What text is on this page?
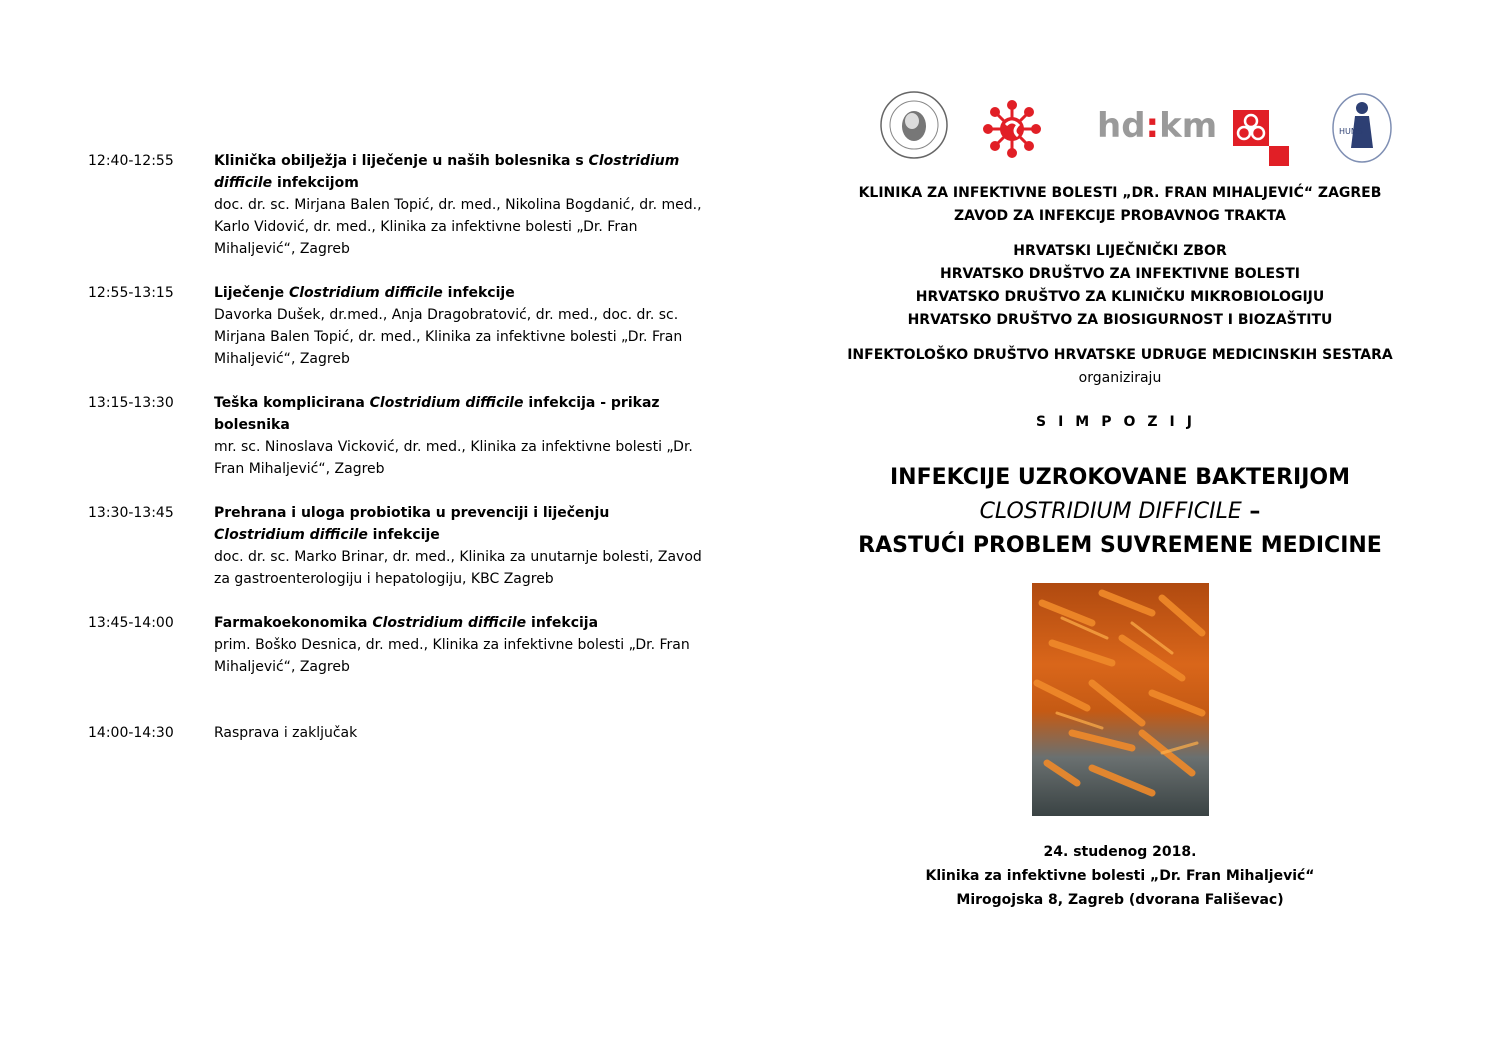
12:40-12:55	Klinička obilježja i liječenje u naših bolesnika s Clostridium difficile infekcijom
doc. dr. sc. Mirjana Balen Topić, dr. med., Nikolina Bogdanić, dr. med., Karlo Vidović, dr. med., Klinika za infektivne bolesti „Dr. Fran Mihaljević“, Zagreb
12:55-13:15	Liječenje Clostridium difficile infekcije
Davorka Dušek, dr.med., Anja Dragobratović, dr. med., doc. dr. sc. Mirjana Balen Topić, dr. med., Klinika za infektivne bolesti „Dr. Fran Mihaljević“, Zagreb
13:15-13:30	Teška komplicirana Clostridium difficile infekcija - prikaz bolesnika
mr. sc. Ninoslava Vicković, dr. med., Klinika za infektivne bolesti „Dr. Fran Mihaljević“, Zagreb
13:30-13:45	Prehrana i uloga probiotika u prevenciji i liječenju Clostridium difficile infekcije
doc. dr. sc. Marko Brinar, dr. med., Klinika za unutarnje bolesti, Zavod za gastroenterologiju i hepatologiju, KBC Zagreb
13:45-14:00	Farmakoekonomika Clostridium difficile infekcija
prim. Boško Desnica, dr. med., Klinika za infektivne bolesti „Dr. Fran Mihaljević“, Zagreb
14:00-14:30	Rasprava i zaključak
hd:km	HUMS
KLINIKA ZA INFEKTIVNE BOLESTI „DR. FRAN MIHALJEVIĆ“ ZAGREB
ZAVOD ZA INFEKCIJE PROBAVNOG TRAKTA
HRVATSKI LIJEČNIČKI ZBOR
HRVATSKO DRUŠTVO ZA INFEKTIVNE BOLESTI
HRVATSKO DRUŠTVO ZA KLINIČKU MIKROBIOLOGIJU
HRVATSKO DRUŠTVO ZA BIOSIGURNOST I BIOZAŠTITU
INFEKTOLOŠKO DRUŠTVO HRVATSKE UDRUGE MEDICINSKIH SESTARA
organiziraju
SIMPOZIJ
INFEKCIJE UZROKOVANE BAKTERIJOM
CLOSTRIDIUM DIFFICILE –
RASTUĆI PROBLEM SUVREMENE MEDICINE
24. studenog 2018.
Klinika za infektivne bolesti „Dr. Fran Mihaljević“
Mirogojska 8, Zagreb (dvorana Fališevac)
